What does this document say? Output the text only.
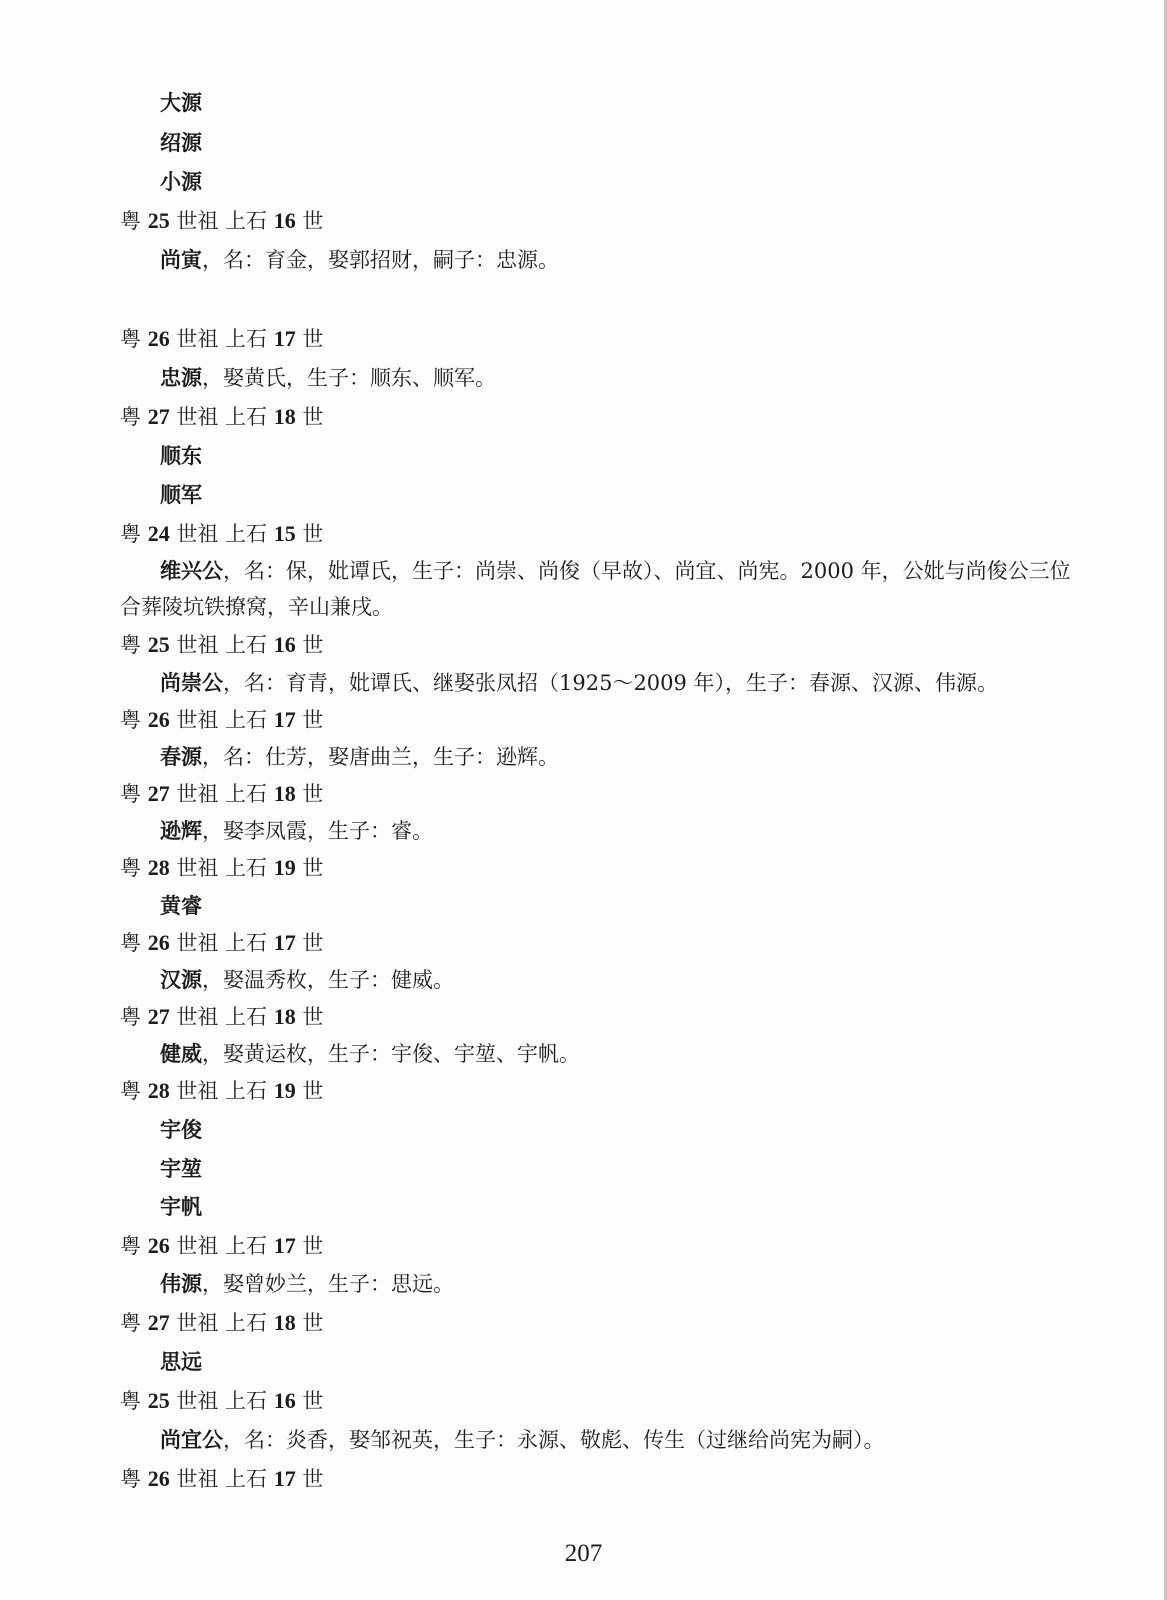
大源
绍源
小源
粤 25 世祖 上石 16 世
尚寅，名：育金，娶郭招财，嗣子：忠源。
粤 26 世祖 上石 17 世
忠源，娶黄氏，生子：顺东、顺军。
粤 27 世祖 上石 18 世
顺东
顺军
粤 24 世祖 上石 15 世
维兴公，名：保，妣谭氏，生子：尚崇、尚俊（早故）、尚宜、尚宪。2000 年，公妣与尚俊公三位
合葬陵坑铁撩窝，辛山兼戌。
粤 25 世祖 上石 16 世
尚崇公，名：育青，妣谭氏、继娶张凤招（1925～2009 年），生子：春源、汉源、伟源。
粤 26 世祖 上石 17 世
春源，名：仕芳，娶唐曲兰，生子：逊辉。
粤 27 世祖 上石 18 世
逊辉，娶李凤霞，生子：睿。
粤 28 世祖 上石 19 世
黄睿
粤 26 世祖 上石 17 世
汉源，娶温秀枚，生子：健威。
粤 27 世祖 上石 18 世
健威，娶黄运枚，生子：宇俊、宇堃、宇帆。
粤 28 世祖 上石 19 世
宇俊
宇堃
宇帆
粤 26 世祖 上石 17 世
伟源，娶曾妙兰，生子：思远。
粤 27 世祖 上石 18 世
思远
粤 25 世祖 上石 16 世
尚宜公，名：炎香，娶邹祝英，生子：永源、敬彪、传生（过继给尚宪为嗣）。
粤 26 世祖 上石 17 世
207
